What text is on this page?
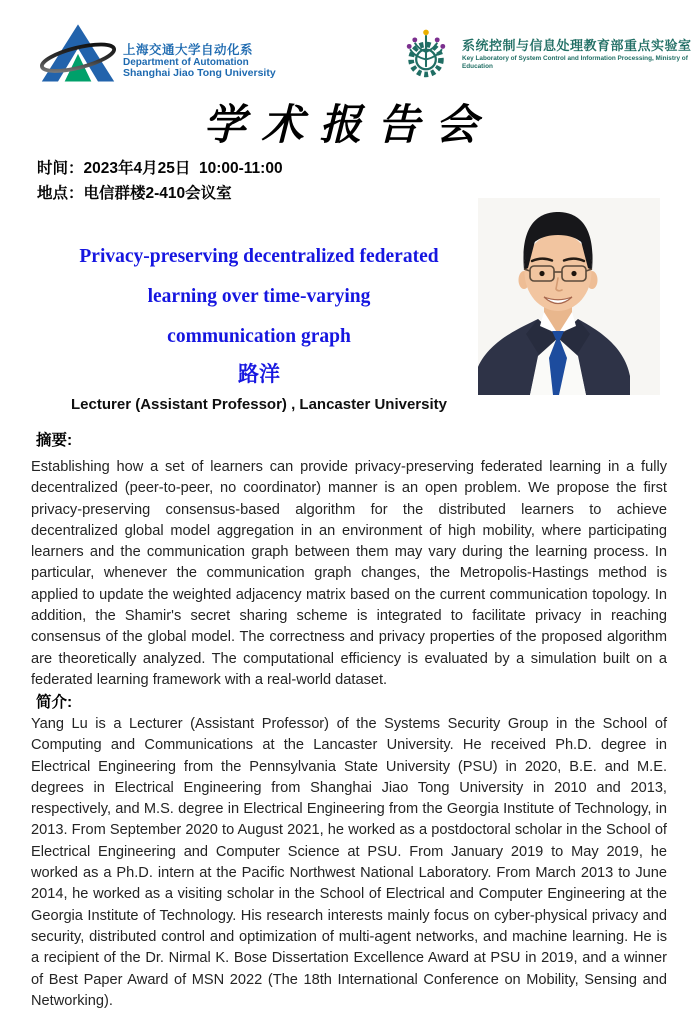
上海交通大学自动化系
Department of Automation
Shanghai Jiao Tong University
系统控制与信息处理教育部重点实验室
Key Laboratory of System Control and Information Processing, Ministry of Education
学术报告会
时间：2023年4月25日  10:00-11:00
地点：电信群楼2-410会议室
Privacy-preserving decentralized federated
learning over time-varying
communication graph
路洋
Lecturer (Assistant Professor) , Lancaster University
摘要:
Establishing how a set of learners can provide privacy-preserving federated learning in a fully decentralized (peer-to-peer, no coordinator) manner is an open problem. We propose the first privacy-preserving consensus-based algorithm for the distributed learners to achieve decentralized global model aggregation in an environment of high mobility, where participating learners and the communication graph between them may vary during the learning process. In particular, whenever the communication graph changes, the Metropolis-Hastings method is applied to update the weighted adjacency matrix based on the current communication topology. In addition, the Shamir's secret sharing scheme is integrated to facilitate privacy in reaching consensus of the global model. The correctness and privacy properties of the proposed algorithm are theoretically analyzed. The computational efficiency is evaluated by a simulation built on a federated learning framework with a real-world dataset.
简介:
Yang Lu is a Lecturer (Assistant Professor) of the Systems Security Group in the School of Computing and Communications at the Lancaster University. He received Ph.D. degree in Electrical Engineering from the Pennsylvania State University (PSU) in 2020, B.E. and M.E. degrees in Electrical Engineering from Shanghai Jiao Tong University in 2010 and 2013, respectively, and M.S. degree in Electrical Engineering from the Georgia Institute of Technology, in 2013. From September 2020 to August 2021, he worked as a postdoctoral scholar in the School of Electrical Engineering and Computer Science at PSU. From January 2019 to May 2019, he worked as a Ph.D. intern at the Pacific Northwest National Laboratory. From March 2013 to June 2014, he worked as a visiting scholar in the School of Electrical and Computer Engineering at the Georgia Institute of Technology. His research interests mainly focus on cyber-physical privacy and security, distributed control and optimization of multi-agent networks, and machine learning. He is a recipient of the Dr. Nirmal K. Bose Dissertation Excellence Award at PSU in 2019, and a winner of Best Paper Award of MSN 2022 (The 18th International Conference on Mobility, Sensing and Networking).
